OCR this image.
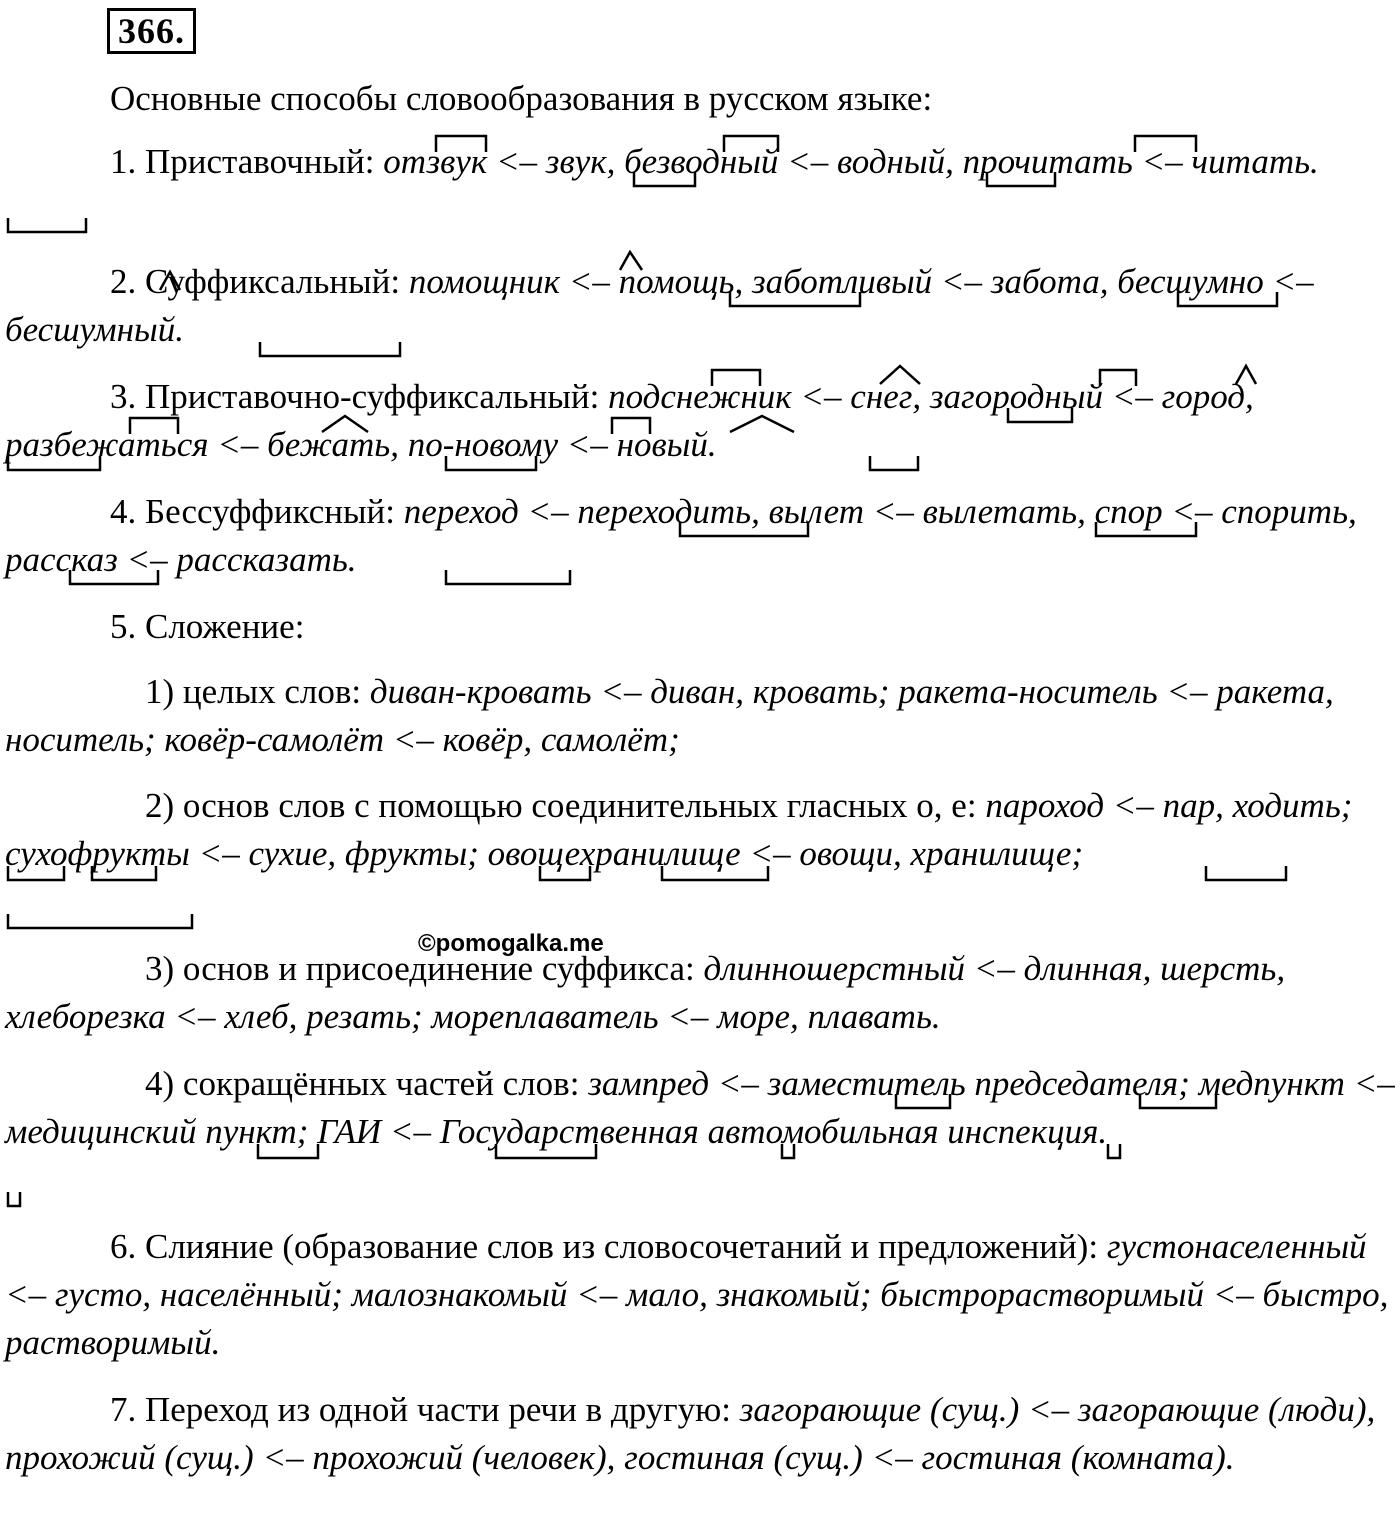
366.

Основные способы словообразования в русском языке:

1. Приставочный: отзвук <– звук, безводный <– водный, прочитать <– читать.

2. Суффиксальный: помощник <– помощь, заботливый <– забота, бесшумно <– бесшумный.

3. Приставочно-суффиксальный: подснежник <– снег, загородный <– город, разбежаться <– бежать, по-новому <– новый.

4. Бессуффиксный: переход <– переходить, вылет <– вылетать, спор <– спорить, рассказ <– рассказать.

5. Сложение:

1) целых слов: диван-кровать <– диван, кровать; ракета-носитель <– ракета, носитель; ковёр-самолёт <– ковёр, самолёт;

2) основ слов с помощью соединительных гласных о, е: пароход <– пар, ходить; сухофрукты <– сухие, фрукты; овощехранилище <– овощи, хранилище;

3) основ и присоединение суффикса: длинношерстный <– длинная, шерсть, хлеборезка <– хлеб, резать; мореплаватель <– море, плавать.

4) сокращённых частей слов: зампред <– заместитель председателя; медпункт <– медицинский пункт; ГАИ <– Государственная автомобильная инспекция.

6. Слияние (образование слов из словосочетаний и предложений): густонаселенный <– густо, населённый; малознакомый <– мало, знакомый; быстрорастворимый <– быстро, растворимый.

7. Переход из одной части речи в другую: загорающие (сущ.) <– загорающие (люди), прохожий (сущ.) <– прохожий (человек), гостиная (сущ.) <– гостиная (комната).

©pomogalka.me
